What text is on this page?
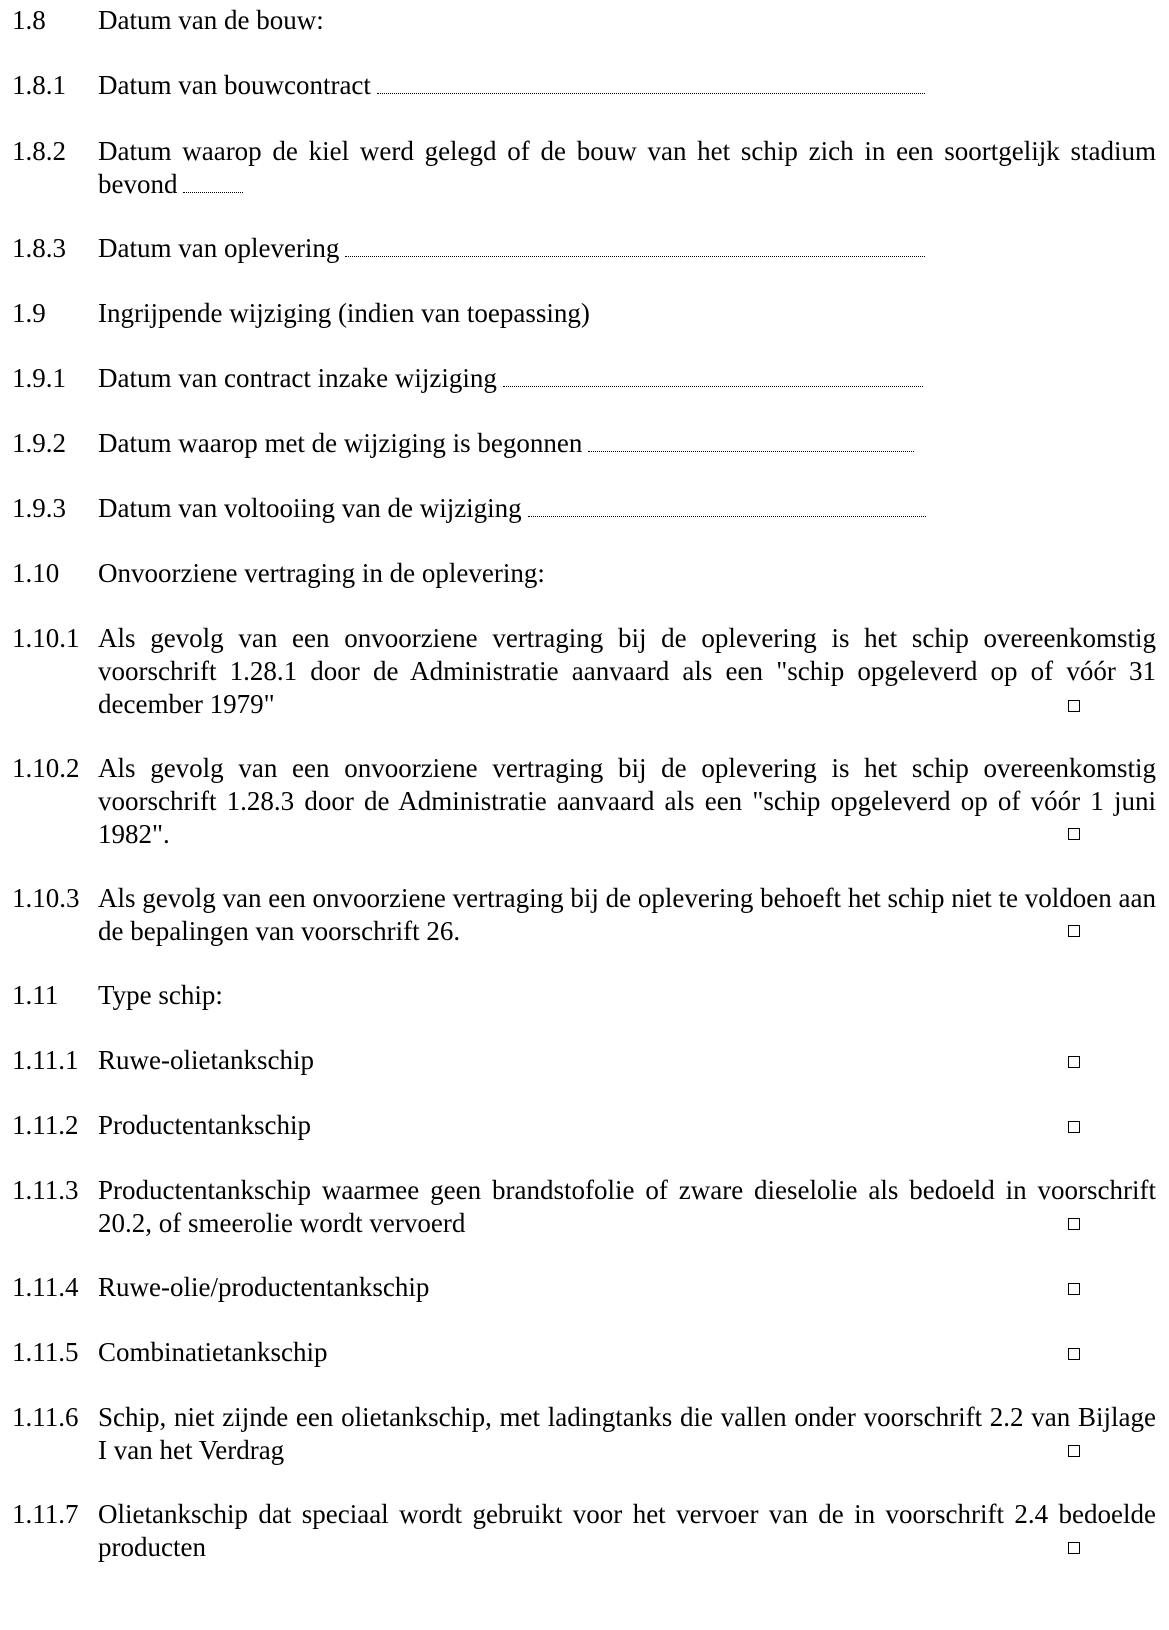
1.8 Datum van de bouw:
1.8.1 Datum van bouwcontract
1.8.2 Datum waarop de kiel werd gelegd of de bouw van het schip zich in een soortgelijk stadium bevond
1.8.3 Datum van oplevering
1.9 Ingrijpende wijziging (indien van toepassing)
1.9.1 Datum van contract inzake wijziging
1.9.2 Datum waarop met de wijziging is begonnen
1.9.3 Datum van voltooiing van de wijziging
1.10 Onvoorziene vertraging in de oplevering:
1.10.1 Als gevolg van een onvoorziene vertraging bij de oplevering is het schip overeenkomstig voorschrift 1.28.1 door de Administratie aanvaard als een "schip opgeleverd op of vóór 31 december 1979"
1.10.2 Als gevolg van een onvoorziene vertraging bij de oplevering is het schip overeenkomstig voorschrift 1.28.3 door de Administratie aanvaard als een "schip opgeleverd op of vóór 1 juni 1982".
1.10.3 Als gevolg van een onvoorziene vertraging bij de oplevering behoeft het schip niet te voldoen aan de bepalingen van voorschrift 26.
1.11 Type schip:
1.11.1 Ruwe-olietankschip
1.11.2 Productentankschip
1.11.3 Productentankschip waarmee geen brandstofolie of zware dieselolie als bedoeld in voorschrift 20.2, of smeerolie wordt vervoerd
1.11.4 Ruwe-olie/productentankschip
1.11.5 Combinatietankschip
1.11.6 Schip, niet zijnde een olietankschip, met ladingtanks die vallen onder voorschrift 2.2 van Bijlage I van het Verdrag
1.11.7 Olietankschip dat speciaal wordt gebruikt voor het vervoer van de in voorschrift 2.4 bedoelde producten
